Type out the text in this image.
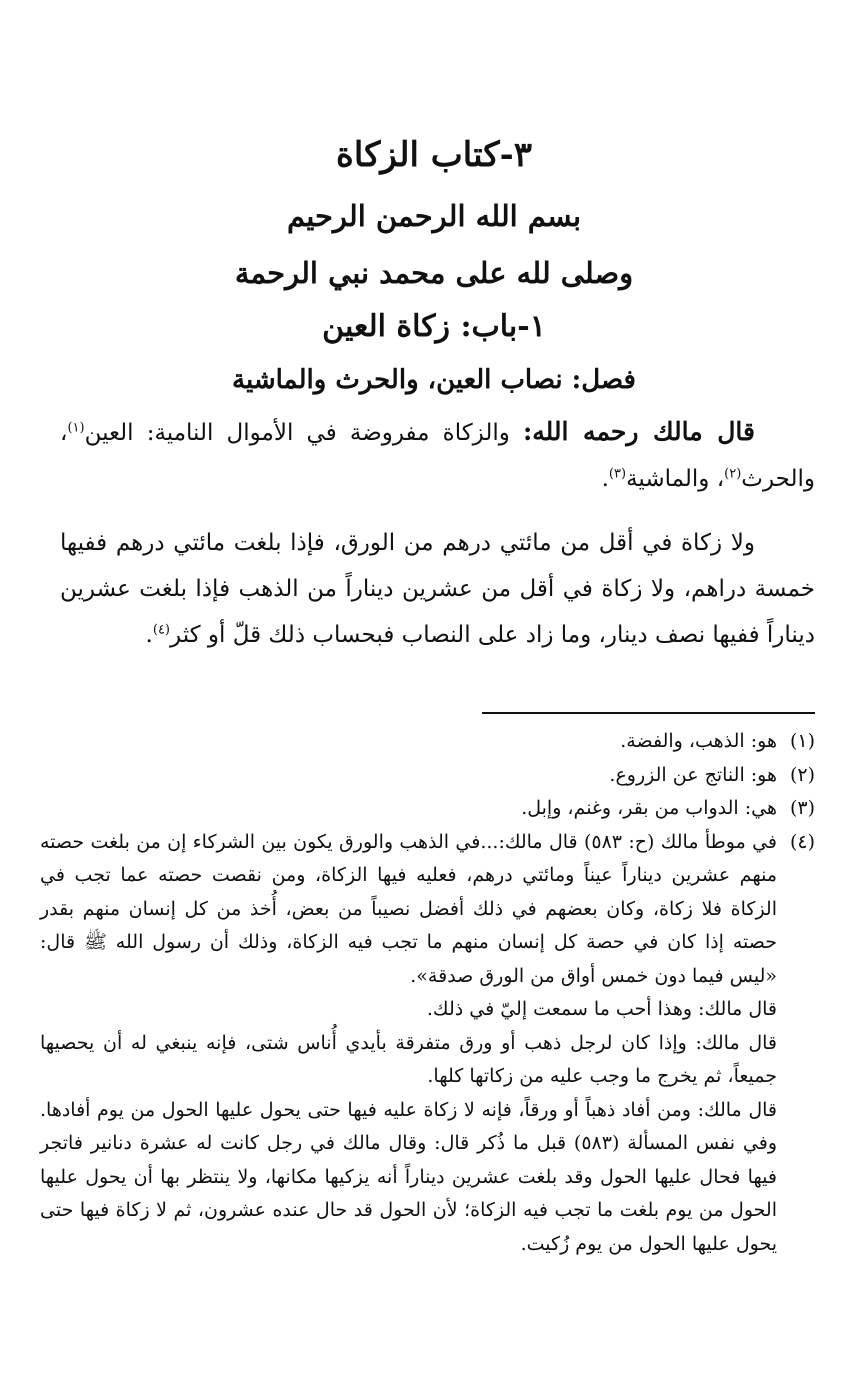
٣-كتاب الزكاة
بسم الله الرحمن الرحيم
وصلى لله على محمد نبي الرحمة
١-باب: زكاة العين
فصل: نصاب العين، والحرث والماشية
قال مالك رحمه الله: والزكاة مفروضة في الأموال النامية: العين$^{(١)}$، والحرث$^{(٢)}$، والماشية$^{(٣)}$.
ولا زكاة في أقل من مائتي درهم من الورق، فإذا بلغت مائتي درهم ففيها خمسة دراهم، ولا زكاة في أقل من عشرين ديناراً من الذهب فإذا بلغت عشرين ديناراً ففيها نصف دينار، وما زاد على النصاب فبحساب ذلك قلّ أو كثر$^{(٤)}$.
(١)
هو: الذهب، والفضة.
(٢)
هو: الناتج عن الزروع.
(٣)
هي: الدواب من بقر، وغنم، وإبل.
(٤)
في موطأ مالك (ح: ٥٨٣) قال مالك:...في الذهب والورق يكون بين الشركاء إن من بلغت حصته منهم عشرين ديناراً عيناً ومائتي درهم، فعليه فيها الزكاة، ومن نقصت حصته عما تجب في الزكاة فلا زكاة، وكان بعضهم في ذلك أفضل نصيباً من بعض، أُخذ من كل إنسان منهم بقدر حصته إذا كان في حصة كل إنسان منهم ما تجب فيه الزكاة، وذلك أن رسول الله ﷺ قال: «ليس فيما دون خمس أواق من الورق صدقة».
قال مالك: وهذا أحب ما سمعت إليّ في ذلك.
قال مالك: وإذا كان لرجل ذهب أو ورق متفرقة بأيدي أُناس شتى، فإنه ينبغي له أن يحصيها جميعاً، ثم يخرج ما وجب عليه من زكاتها كلها.
قال مالك: ومن أفاد ذهباً أو ورقاً، فإنه لا زكاة عليه فيها حتى يحول عليها الحول من يوم أفادها. وفي نفس المسألة (٥٨٣) قبل ما ذُكر قال: وقال مالك في رجل كانت له عشرة دنانير فاتجر فيها فحال عليها الحول وقد بلغت عشرين ديناراً أنه يزكيها مكانها، ولا ينتظر بها أن يحول عليها الحول من يوم بلغت ما تجب فيه الزكاة؛ لأن الحول قد حال عنده عشرون، ثم لا زكاة فيها حتى يحول عليها الحول من يوم زُكيت.
